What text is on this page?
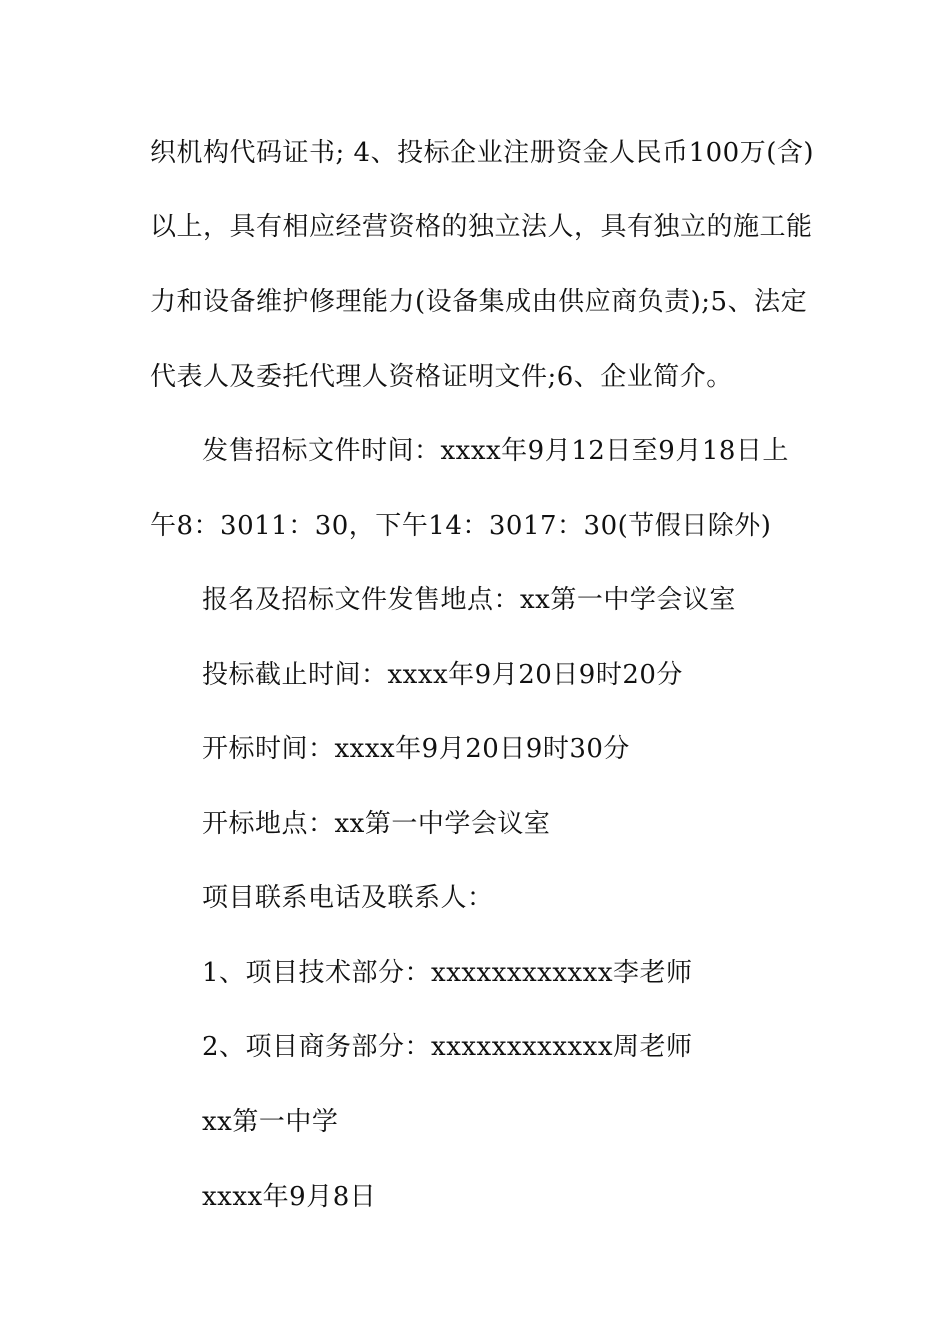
织机构代码证书; 4、投标企业注册资金人民币100万(含)
以上，具有相应经营资格的独立法人，具有独立的施工能
力和设备维护修理能力(设备集成由供应商负责);5、法定
代表人及委托代理人资格证明文件;6、企业简介。
发售招标文件时间：xxxx年9月12日至9月18日上
午8：3011：30，下午14：3017：30(节假日除外)
报名及招标文件发售地点：xx第一中学会议室
投标截止时间：xxxx年9月20日9时20分
开标时间：xxxx年9月20日9时30分
开标地点：xx第一中学会议室
项目联系电话及联系人：
1、项目技术部分：xxxxxxxxxxxx李老师
2、项目商务部分：xxxxxxxxxxxx周老师
xx第一中学
xxxx年9月8日
